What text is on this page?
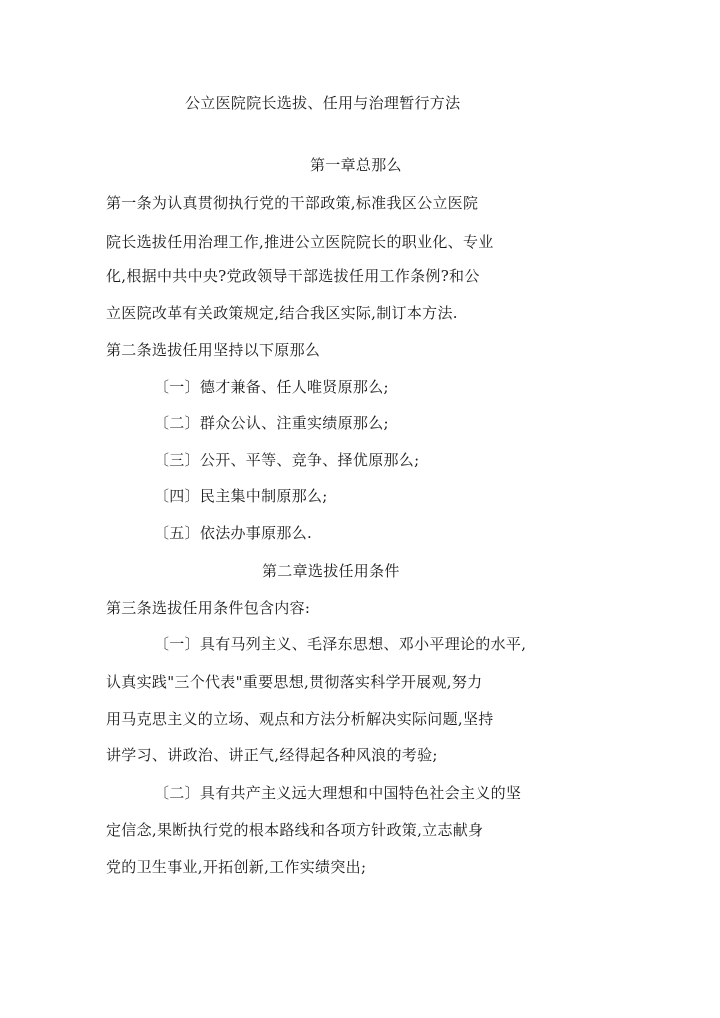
公立医院院长选拔、任用与治理暂行方法
第一章总那么
第一条为认真贯彻执行党的干部政策,标准我区公立医院
院长选拔任用治理工作,推进公立医院院长的职业化、专业
化,根据中共中央?党政领导干部选拔任用工作条例?和公
立医院改革有关政策规定,结合我区实际,制订本方法.
第二条选拔任用坚持以下原那么
〔一〕德才兼备、任人唯贤原那么;
〔二〕群众公认、注重实绩原那么;
〔三〕公开、平等、竞争、择优原那么;
〔四〕民主集中制原那么;
〔五〕依法办事原那么.
第二章选拔任用条件
第三条选拔任用条件包含内容:
〔一〕具有马列主义、毛泽东思想、邓小平理论的水平,
认真实践"三个代表"重要思想,贯彻落实科学开展观,努力
用马克思主义的立场、观点和方法分析解决实际问题,坚持
讲学习、讲政治、讲正气,经得起各种风浪的考验;
〔二〕具有共产主义远大理想和中国特色社会主义的坚
定信念,果断执行党的根本路线和各项方针政策,立志献身
党的卫生事业,开拓创新,工作实绩突出;
